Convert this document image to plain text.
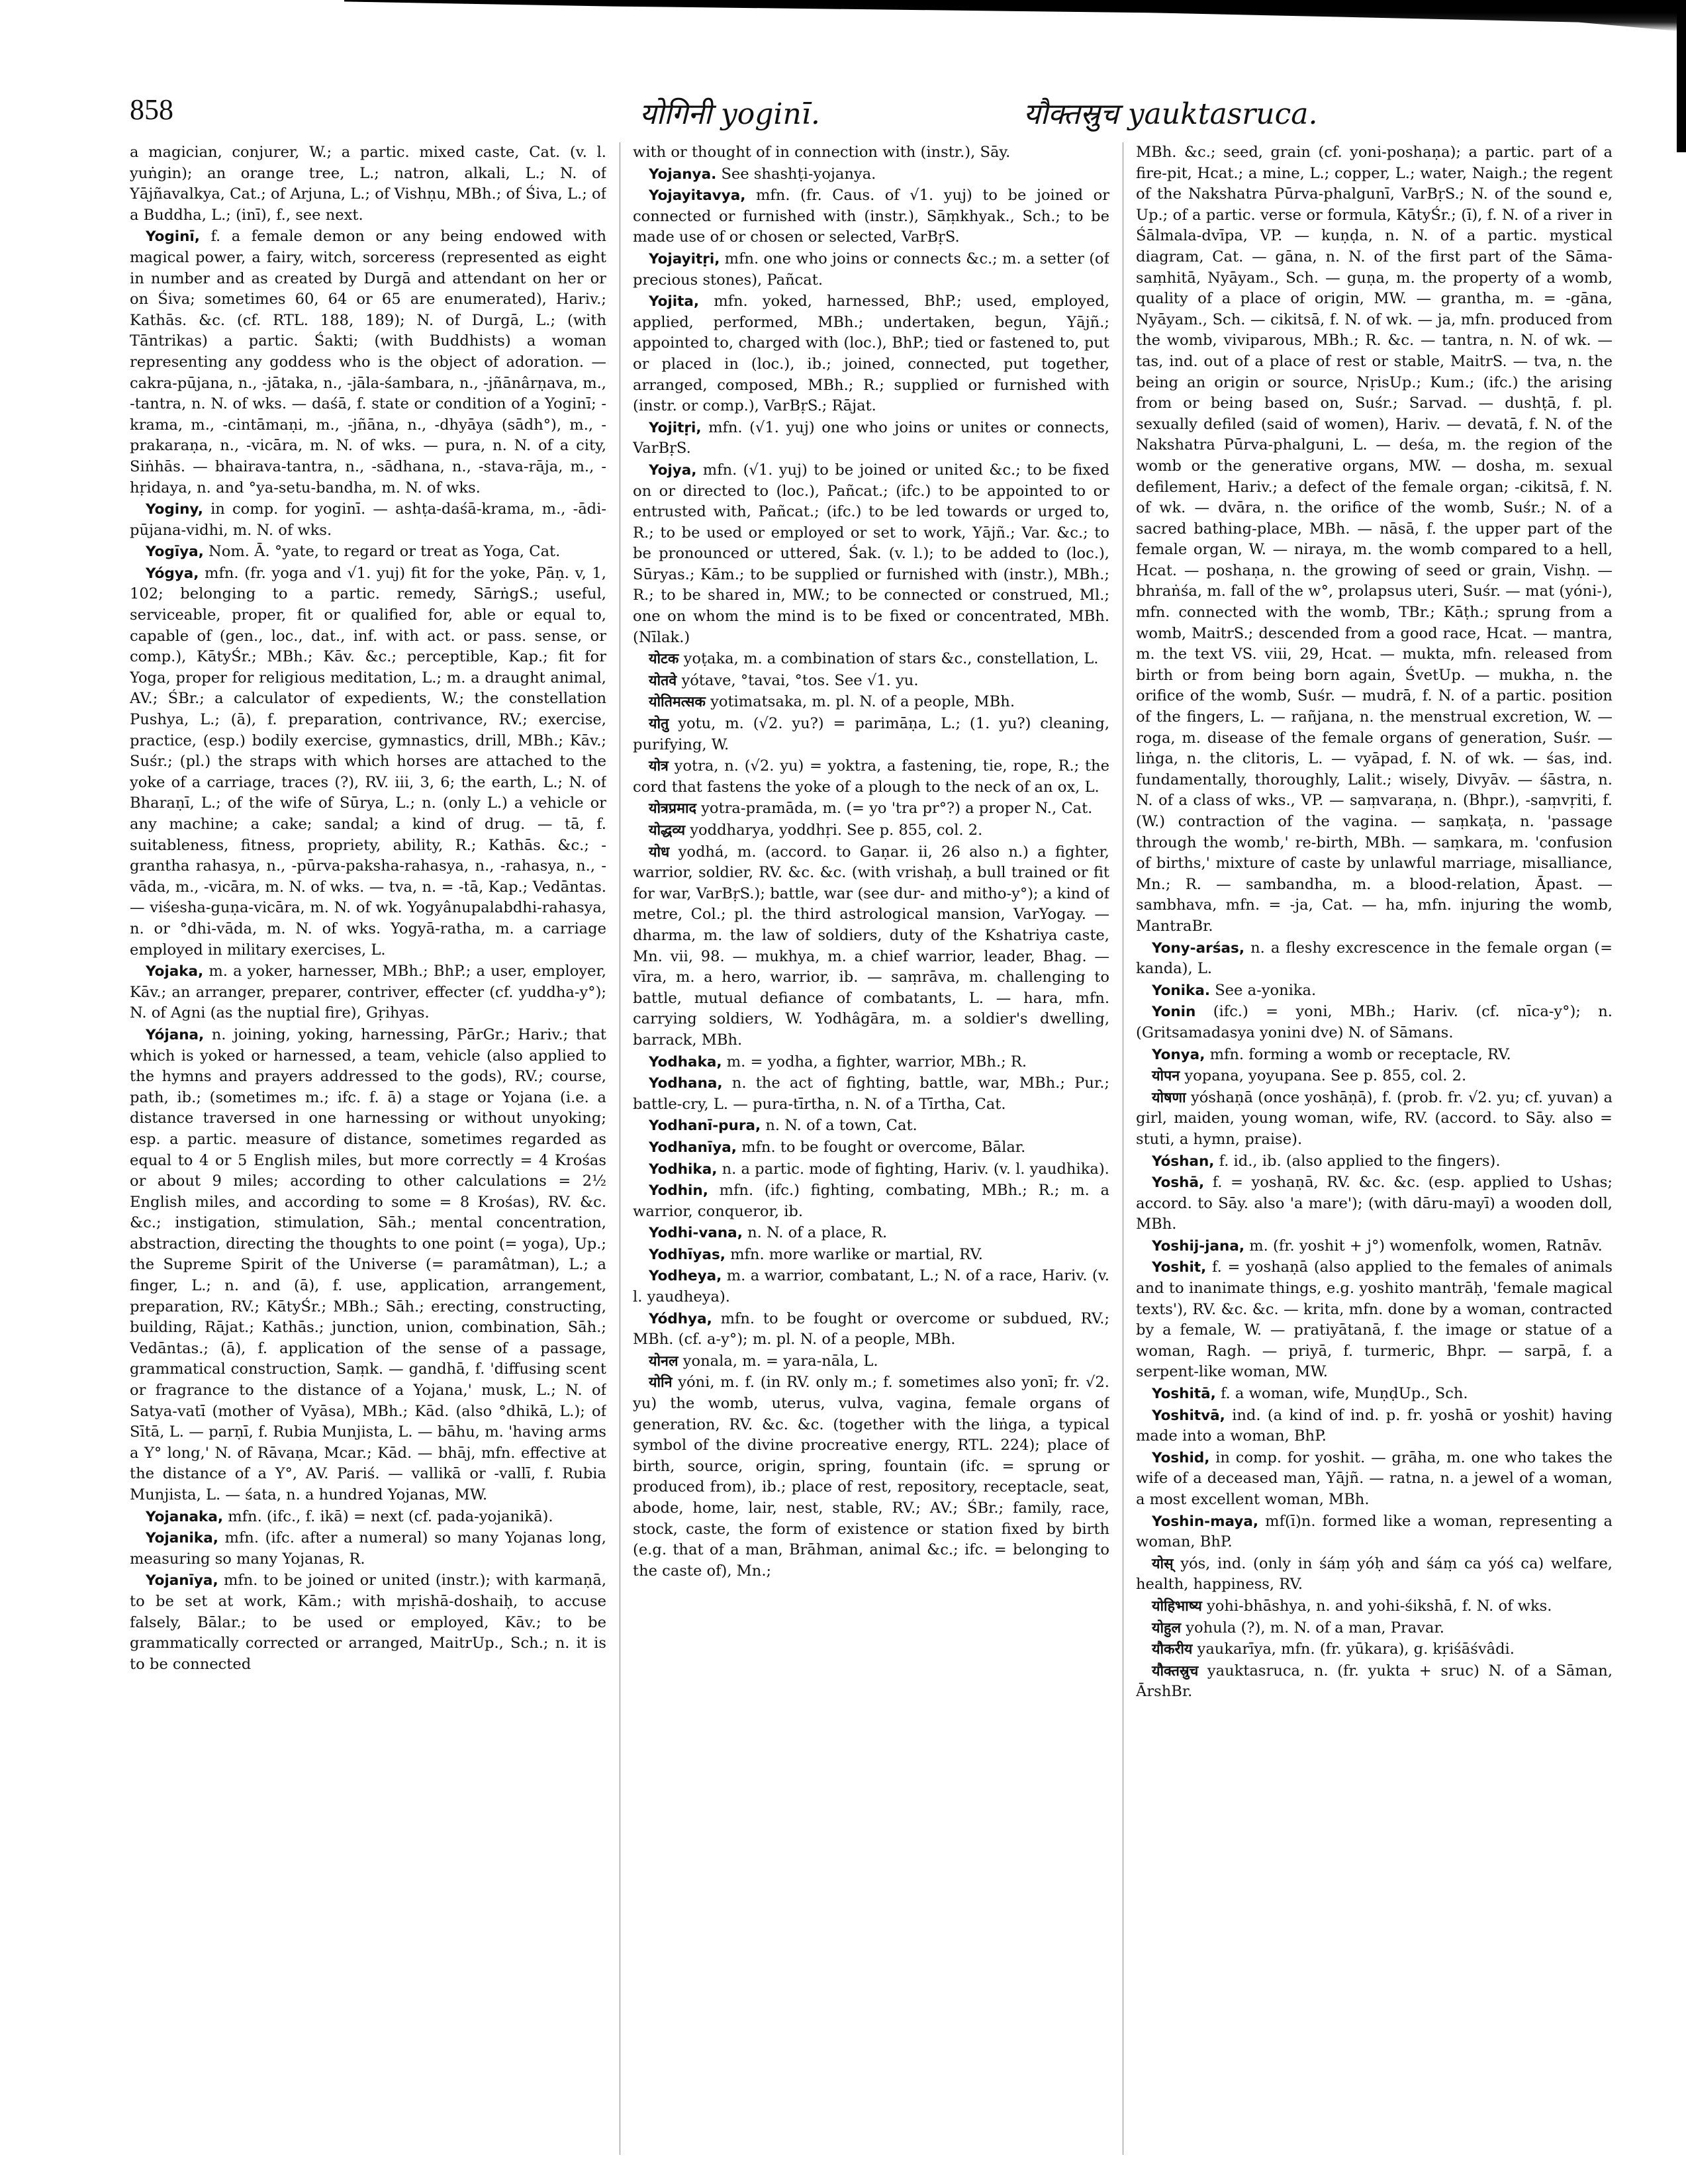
858	योगिनी yoginī.	यौक्तस्रुच yauktasruca.

a magician, conjurer, W.; a partic. mixed caste, Cat. (v. l. yuṅgin); an orange tree, L.; natron, alkali, L.; N. of Yājñavalkya, Cat.; of Arjuna, L.; of Vishṇu, MBh.; of Śiva, L.; of a Buddha, L.; (inī), f., see next.

Yoginī, f. a female demon or any being endowed with magical power, a fairy, witch, sorceress (represented as eight in number and as created by Durgā and attendant on her or on Śiva; sometimes 60, 64 or 65 are enumerated), Hariv.; Kathās. &c. (cf. RTL. 188, 189); N. of Durgā, L.; (with Tāntrikas) a partic. Śakti; (with Buddhists) a woman representing any goddess who is the object of adoration. — cakra-pūjana, n., -jātaka, n., -jāla-śambara, n., -jñānârṇava, m., -tantra, n. N. of wks. — daśā, f. state or condition of a Yoginī; -krama, m., -cintāmaṇi, m., -jñāna, n., -dhyāya (sādh°), m., -prakaraṇa, n., -vicāra, m. N. of wks. — pura, n. N. of a city, Siṅhās. — bhairava-tantra, n., -sādhana, n., -stava-rāja, m., -hṛidaya, n. and °ya-setu-bandha, m. N. of wks.

Yoginy, in comp. for yoginī. — ashṭa-daśā-krama, m., -ādi-pūjana-vidhi, m. N. of wks.

Yogīya, Nom. Ā. °yate, to regard or treat as Yoga, Cat.

Yógya, mfn. (fr. yoga and √1. yuj) fit for the yoke, Pāṇ. v, 1, 102; belonging to a partic. remedy, SārṅgS.; useful, serviceable, proper, fit or qualified for, able or equal to, capable of (gen., loc., dat., inf. with act. or pass. sense, or comp.), KātyŚr.; MBh.; Kāv. &c.; perceptible, Kap.; fit for Yoga, proper for religious meditation, L.; m. a draught animal, AV.; ŚBr.; a calculator of expedients, W.; the constellation Pushya, L.; (ā), f. preparation, contrivance, RV.; exercise, practice, (esp.) bodily exercise, gymnastics, drill, MBh.; Kāv.; Suśr.; (pl.) the straps with which horses are attached to the yoke of a carriage, traces (?), RV. iii, 3, 6; the earth, L.; N. of Bharaṇī, L.; of the wife of Sūrya, L.; n. (only L.) a vehicle or any machine; a cake; sandal; a kind of drug. — tā, f. suitableness, fitness, propriety, ability, R.; Kathās. &c.; -grantha rahasya, n., -pūrva-paksha-rahasya, n., -rahasya, n., -vāda, m., -vicāra, m. N. of wks. — tva, n. = -tā, Kap.; Vedāntas. — viśesha-guṇa-vicāra, m. N. of wk. Yogyânupalabdhi-rahasya, n. or °dhi-vāda, m. N. of wks. Yogyā-ratha, m. a carriage employed in military exercises, L.

Yojaka, m. a yoker, harnesser, MBh.; BhP.; a user, employer, Kāv.; an arranger, preparer, contriver, effecter (cf. yuddha-y°); N. of Agni (as the nuptial fire), Gṛihyas.

Yójana, n. joining, yoking, harnessing, PārGr.; Hariv.; that which is yoked or harnessed, a team, vehicle (also applied to the hymns and prayers addressed to the gods), RV.; course, path, ib.; (sometimes m.; ifc. f. ā) a stage or Yojana (i.e. a distance traversed in one harnessing or without unyoking; esp. a partic. measure of distance, sometimes regarded as equal to 4 or 5 English miles, but more correctly = 4 Krośas or about 9 miles; according to other calculations = 2½ English miles, and according to some = 8 Krośas), RV. &c. &c.; instigation, stimulation, Sāh.; mental concentration, abstraction, directing the thoughts to one point (= yoga), Up.; the Supreme Spirit of the Universe (= paramâtman), L.; a finger, L.; n. and (ā), f. use, application, arrangement, preparation, RV.; KātyŚr.; MBh.; Sāh.; erecting, constructing, building, Rājat.; Kathās.; junction, union, combination, Sāh.; Vedāntas.; (ā), f. application of the sense of a passage, grammatical construction, Saṃk. — gandhā, f. 'diffusing scent or fragrance to the distance of a Yojana,' musk, L.; N. of Satya-vatī (mother of Vyāsa), MBh.; Kād. (also °dhikā, L.); of Sītā, L. — parṇī, f. Rubia Munjista, L. — bāhu, m. 'having arms a Y° long,' N. of Rāvaṇa, Mcar.; Kād. — bhāj, mfn. effective at the distance of a Y°, AV. Pariś. — vallikā or -vallī, f. Rubia Munjista, L. — śata, n. a hundred Yojanas, MW.

Yojanaka, mfn. (ifc., f. ikā) = next (cf. pada-yojanikā).

Yojanika, mfn. (ifc. after a numeral) so many Yojanas long, measuring so many Yojanas, R.

Yojanīya, mfn. to be joined or united (instr.); with karmaṇā, to be set at work, Kām.; with mṛishā-doshaiḥ, to accuse falsely, Bālar.; to be used or employed, Kāv.; to be grammatically corrected or arranged, MaitrUp., Sch.; n. it is to be connected

with or thought of in connection with (instr.), Sāy.

Yojanya. See shashṭi-yojanya.

Yojayitavya, mfn. (fr. Caus. of √1. yuj) to be joined or connected or furnished with (instr.), Sāṃkhyak., Sch.; to be made use of or chosen or selected, VarBṛS.

Yojayitṛi, mfn. one who joins or connects &c.; m. a setter (of precious stones), Pañcat.

Yojita, mfn. yoked, harnessed, BhP.; used, employed, applied, performed, MBh.; undertaken, begun, Yājñ.; appointed to, charged with (loc.), BhP.; tied or fastened to, put or placed in (loc.), ib.; joined, connected, put together, arranged, composed, MBh.; R.; supplied or furnished with (instr. or comp.), VarBṛS.; Rājat.

Yojitṛi, mfn. (√1. yuj) one who joins or unites or connects, VarBṛS.

Yojya, mfn. (√1. yuj) to be joined or united &c.; to be fixed on or directed to (loc.), Pañcat.; (ifc.) to be appointed to or entrusted with, Pañcat.; (ifc.) to be led towards or urged to, R.; to be used or employed or set to work, Yājñ.; Var. &c.; to be pronounced or uttered, Śak. (v. l.); to be added to (loc.), Sūryas.; Kām.; to be supplied or furnished with (instr.), MBh.; R.; to be shared in, MW.; to be connected or construed, Ml.; one on whom the mind is to be fixed or concentrated, MBh. (Nīlak.)

योटक yoṭaka, m. a combination of stars &c., constellation, L.

योतवे yótave, °tavai, °tos. See √1. yu.

योतिमत्सक yotimatsaka, m. pl. N. of a people, MBh.

योतु yotu, m. (√2. yu?) = parimāṇa, L.; (1. yu?) cleaning, purifying, W.

योत्र yotra, n. (√2. yu) = yoktra, a fastening, tie, rope, R.; the cord that fastens the yoke of a plough to the neck of an ox, L.

योत्रप्रमाद yotra-pramāda, m. (= yo 'tra pr°?) a proper N., Cat.

योद्धव्य yoddharya, yoddhṛi. See p. 855, col. 2.

योध yodhá, m. (accord. to Gaṇar. ii, 26 also n.) a fighter, warrior, soldier, RV. &c. &c. (with vrishaḥ, a bull trained or fit for war, VarBṛS.); battle, war (see dur- and mitho-y°); a kind of metre, Col.; pl. the third astrological mansion, VarYogay. — dharma, m. the law of soldiers, duty of the Kshatriya caste, Mn. vii, 98. — mukhya, m. a chief warrior, leader, Bhag. — vīra, m. a hero, warrior, ib. — saṃrāva, m. challenging to battle, mutual defiance of combatants, L. — hara, mfn. carrying soldiers, W. Yodhâgāra, m. a soldier's dwelling, barrack, MBh.

Yodhaka, m. = yodha, a fighter, warrior, MBh.; R.

Yodhana, n. the act of fighting, battle, war, MBh.; Pur.; battle-cry, L. — pura-tīrtha, n. N. of a Tīrtha, Cat.

Yodhanī-pura, n. N. of a town, Cat.

Yodhanīya, mfn. to be fought or overcome, Bālar.

Yodhika, n. a partic. mode of fighting, Hariv. (v. l. yaudhika).

Yodhin, mfn. (ifc.) fighting, combating, MBh.; R.; m. a warrior, conqueror, ib.

Yodhi-vana, n. N. of a place, R.

Yodhīyas, mfn. more warlike or martial, RV.

Yodheya, m. a warrior, combatant, L.; N. of a race, Hariv. (v. l. yaudheya).

Yódhya, mfn. to be fought or overcome or subdued, RV.; MBh. (cf. a-y°); m. pl. N. of a people, MBh.

योनल yonala, m. = yara-nāla, L.

योनि yóni, m. f. (in RV. only m.; f. sometimes also yonī; fr. √2. yu) the womb, uterus, vulva, vagina, female organs of generation, RV. &c. &c. (together with the liṅga, a typical symbol of the divine procreative energy, RTL. 224); place of birth, source, origin, spring, fountain (ifc. = sprung or produced from), ib.; place of rest, repository, receptacle, seat, abode, home, lair, nest, stable, RV.; AV.; ŚBr.; family, race, stock, caste, the form of existence or station fixed by birth (e.g. that of a man, Brāhman, animal &c.; ifc. = belonging to the caste of), Mn.;

MBh. &c.; seed, grain (cf. yoni-poshaṇa); a partic. part of a fire-pit, Hcat.; a mine, L.; copper, L.; water, Naigh.; the regent of the Nakshatra Pūrva-phalgunī, VarBṛS.; N. of the sound e, Up.; of a partic. verse or formula, KātyŚr.; (ī), f. N. of a river in Śālmala-dvīpa, VP. — kuṇḍa, n. N. of a partic. mystical diagram, Cat. — gāna, n. N. of the first part of the Sāma-saṃhitā, Nyāyam., Sch. — guṇa, m. the property of a womb, quality of a place of origin, MW. — grantha, m. = -gāna, Nyāyam., Sch. — cikitsā, f. N. of wk. — ja, mfn. produced from the womb, viviparous, MBh.; R. &c. — tantra, n. N. of wk. — tas, ind. out of a place of rest or stable, MaitrS. — tva, n. the being an origin or source, NṛisUp.; Kum.; (ifc.) the arising from or being based on, Suśr.; Sarvad. — dushṭā, f. pl. sexually defiled (said of women), Hariv. — devatā, f. N. of the Nakshatra Pūrva-phalguni, L. — deśa, m. the region of the womb or the generative organs, MW. — dosha, m. sexual defilement, Hariv.; a defect of the female organ; -cikitsā, f. N. of wk. — dvāra, n. the orifice of the womb, Suśr.; N. of a sacred bathing-place, MBh. — nāsā, f. the upper part of the female organ, W. — niraya, m. the womb compared to a hell, Hcat. — poshaṇa, n. the growing of seed or grain, Vishṇ. — bhraṅśa, m. fall of the w°, prolapsus uteri, Suśr. — mat (yóni-), mfn. connected with the womb, TBr.; Kāṭh.; sprung from a womb, MaitrS.; descended from a good race, Hcat. — mantra, m. the text VS. viii, 29, Hcat. — mukta, mfn. released from birth or from being born again, ŚvetUp. — mukha, n. the orifice of the womb, Suśr. — mudrā, f. N. of a partic. position of the fingers, L. — rañjana, n. the menstrual excretion, W. — roga, m. disease of the female organs of generation, Suśr. — liṅga, n. the clitoris, L. — vyāpad, f. N. of wk. — śas, ind. fundamentally, thoroughly, Lalit.; wisely, Divyāv. — śāstra, n. N. of a class of wks., VP. — saṃvaraṇa, n. (Bhpr.), -saṃvṛiti, f. (W.) contraction of the vagina. — saṃkaṭa, n. 'passage through the womb,' re-birth, MBh. — saṃkara, m. 'confusion of births,' mixture of caste by unlawful marriage, misalliance, Mn.; R. — sambandha, m. a blood-relation, Āpast. — sambhava, mfn. = -ja, Cat. — ha, mfn. injuring the womb, MantraBr.

Yony-arśas, n. a fleshy excrescence in the female organ (= kanda), L.

Yonika. See a-yonika.

Yonin (ifc.) = yoni, MBh.; Hariv. (cf. nīca-y°); n. (Gritsamadasya yonini dve) N. of Sāmans.

Yonya, mfn. forming a womb or receptacle, RV.

योपन yopana, yoyupana. See p. 855, col. 2.

योषणा yóshaṇā (once yoshāṇā), f. (prob. fr. √2. yu; cf. yuvan) a girl, maiden, young woman, wife, RV. (accord. to Sāy. also = stuti, a hymn, praise).

Yóshan, f. id., ib. (also applied to the fingers).

Yoshā, f. = yoshaṇā, RV. &c. &c. (esp. applied to Ushas; accord. to Sāy. also 'a mare'); (with dāru-mayī) a wooden doll, MBh.

Yoshij-jana, m. (fr. yoshit + j°) womenfolk, women, Ratnāv.

Yoshit, f. = yoshaṇā (also applied to the females of animals and to inanimate things, e.g. yoshito mantrāḥ, 'female magical texts'), RV. &c. &c. — krita, mfn. done by a woman, contracted by a female, W. — pratiyātanā, f. the image or statue of a woman, Ragh. — priyā, f. turmeric, Bhpr. — sarpā, f. a serpent-like woman, MW.

Yoshitā, f. a woman, wife, MuṇḍUp., Sch.

Yoshitvā, ind. (a kind of ind. p. fr. yoshā or yoshit) having made into a woman, BhP.

Yoshid, in comp. for yoshit. — grāha, m. one who takes the wife of a deceased man, Yājñ. — ratna, n. a jewel of a woman, a most excellent woman, MBh.

Yoshin-maya, mf(ī)n. formed like a woman, representing a woman, BhP.

योस् yós, ind. (only in śáṃ yóḥ and śáṃ ca yóś ca) welfare, health, happiness, RV.

योहिभाष्य yohi-bhāshya, n. and yohi-śikshā, f. N. of wks.

योहुल yohula (?), m. N. of a man, Pravar.

यौकरीय yaukarīya, mfn. (fr. yūkara), g. kṛiśāśvâdi.

यौक्तस्रुच yauktasruca, n. (fr. yukta + sruc) N. of a Sāman, ĀrshBr.
